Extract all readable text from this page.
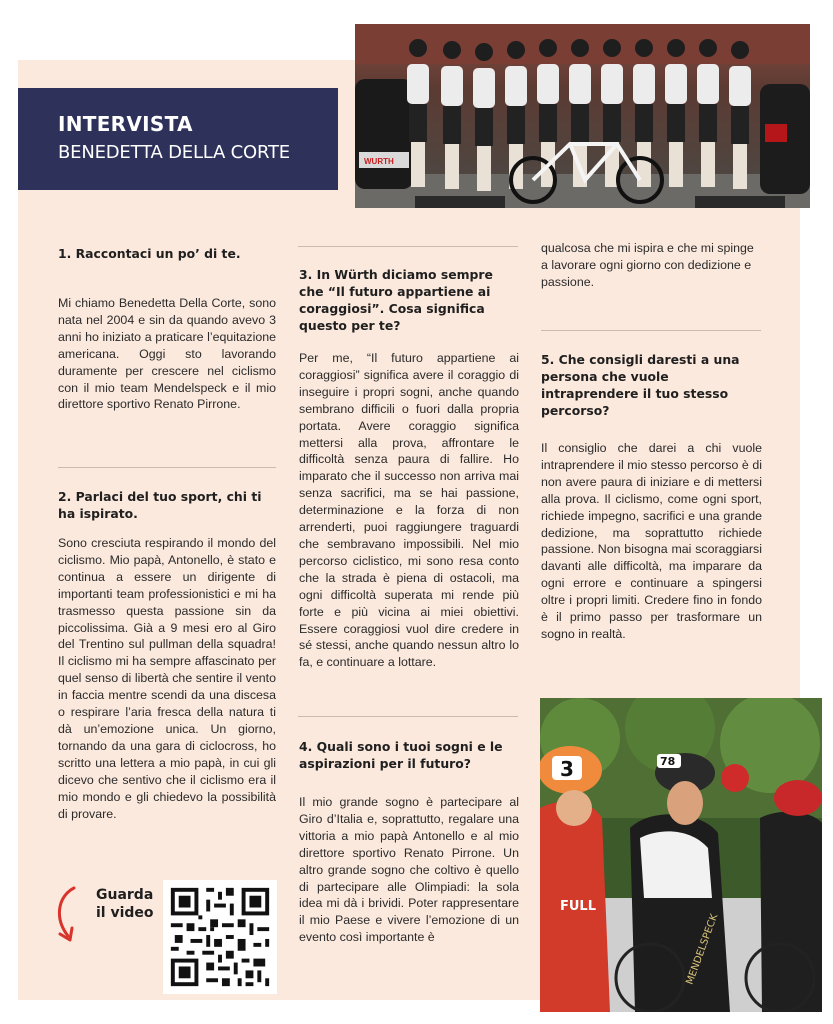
WURTH
INTERVISTA
BENEDETTA DELLA CORTE
1. Raccontaci un po’ di te.
Mi chiamo Benedetta Della Corte, sono nata nel 2004 e sin da quando avevo 3 anni ho iniziato a praticare l’equitazione americana. Oggi sto lavorando duramente per crescere nel ciclismo con il mio team Mendelspeck e il mio direttore sportivo Renato Pirrone.
2. Parlaci del tuo sport, chi ti ha ispirato.
Sono cresciuta respirando il mondo del ciclismo. Mio papà, Antonello, è stato e continua a essere un dirigente di importanti team professionistici e mi ha trasmesso questa passione sin da piccolissima. Già a 9 mesi ero al Giro del Trentino sul pullman della squadra! Il ciclismo mi ha sempre affascinato per quel senso di libertà che sentire il vento in faccia mentre scendi da una discesa o respirare l’aria fresca della natura ti dà un’emozione unica. Un giorno, tornando da una gara di ciclocross, ho scritto una lettera a mio papà, in cui gli dicevo che sentivo che il ciclismo era il mio mondo e gli chiedevo la possibilità di provare.
Guarda
il video
3. In Würth diciamo sempre che “Il futuro appartiene ai coraggiosi”. Cosa significa questo per te?
Per me, “Il futuro appartiene ai coraggiosi” significa avere il coraggio di inseguire i propri sogni, anche quando sembrano difficili o fuori dalla propria portata. Avere coraggio significa mettersi alla prova, affrontare le difficoltà senza paura di fallire. Ho imparato che il successo non arriva mai senza sacrifici, ma se hai passione, determinazione e la forza di non arrenderti, puoi raggiungere traguardi che sembravano impossibili. Nel mio percorso ciclistico, mi sono resa conto che la strada è piena di ostacoli, ma ogni difficoltà superata mi rende più forte e più vicina ai miei obiettivi. Essere coraggiosi vuol dire credere in sé stessi, anche quando nessun altro lo fa, e continuare a lottare.
4. Quali sono i tuoi sogni e le aspirazioni per il futuro?
Il mio grande sogno è partecipare al Giro d’Italia e, soprattutto, regalare una vittoria a mio papà Antonello e al mio direttore sportivo Renato Pirrone. Un altro grande sogno che coltivo è quello di partecipare alle Olimpiadi: la sola idea mi dà i brividi. Poter rappresentare il mio Paese e vivere l’emozione di un evento così importante è
qualcosa che mi ispira e che mi spinge a lavorare ogni giorno con dedizione e passione.
5. Che consigli daresti a una persona che vuole intraprendere il tuo stesso percorso?
Il consiglio che darei a chi vuole intraprendere il mio stesso percorso è di non avere paura di iniziare e di mettersi alla prova. Il ciclismo, come ogni sport, richiede impegno, sacrifici e una grande dedizione, ma soprattutto richiede passione. Non bisogna mai scoraggiarsi davanti alle difficoltà, ma imparare da ogni errore e continuare a spingersi oltre i propri limiti. Credere fino in fondo è il primo passo per trasformare un sogno in realtà.
3
FULL
78
MENDELSPECK
